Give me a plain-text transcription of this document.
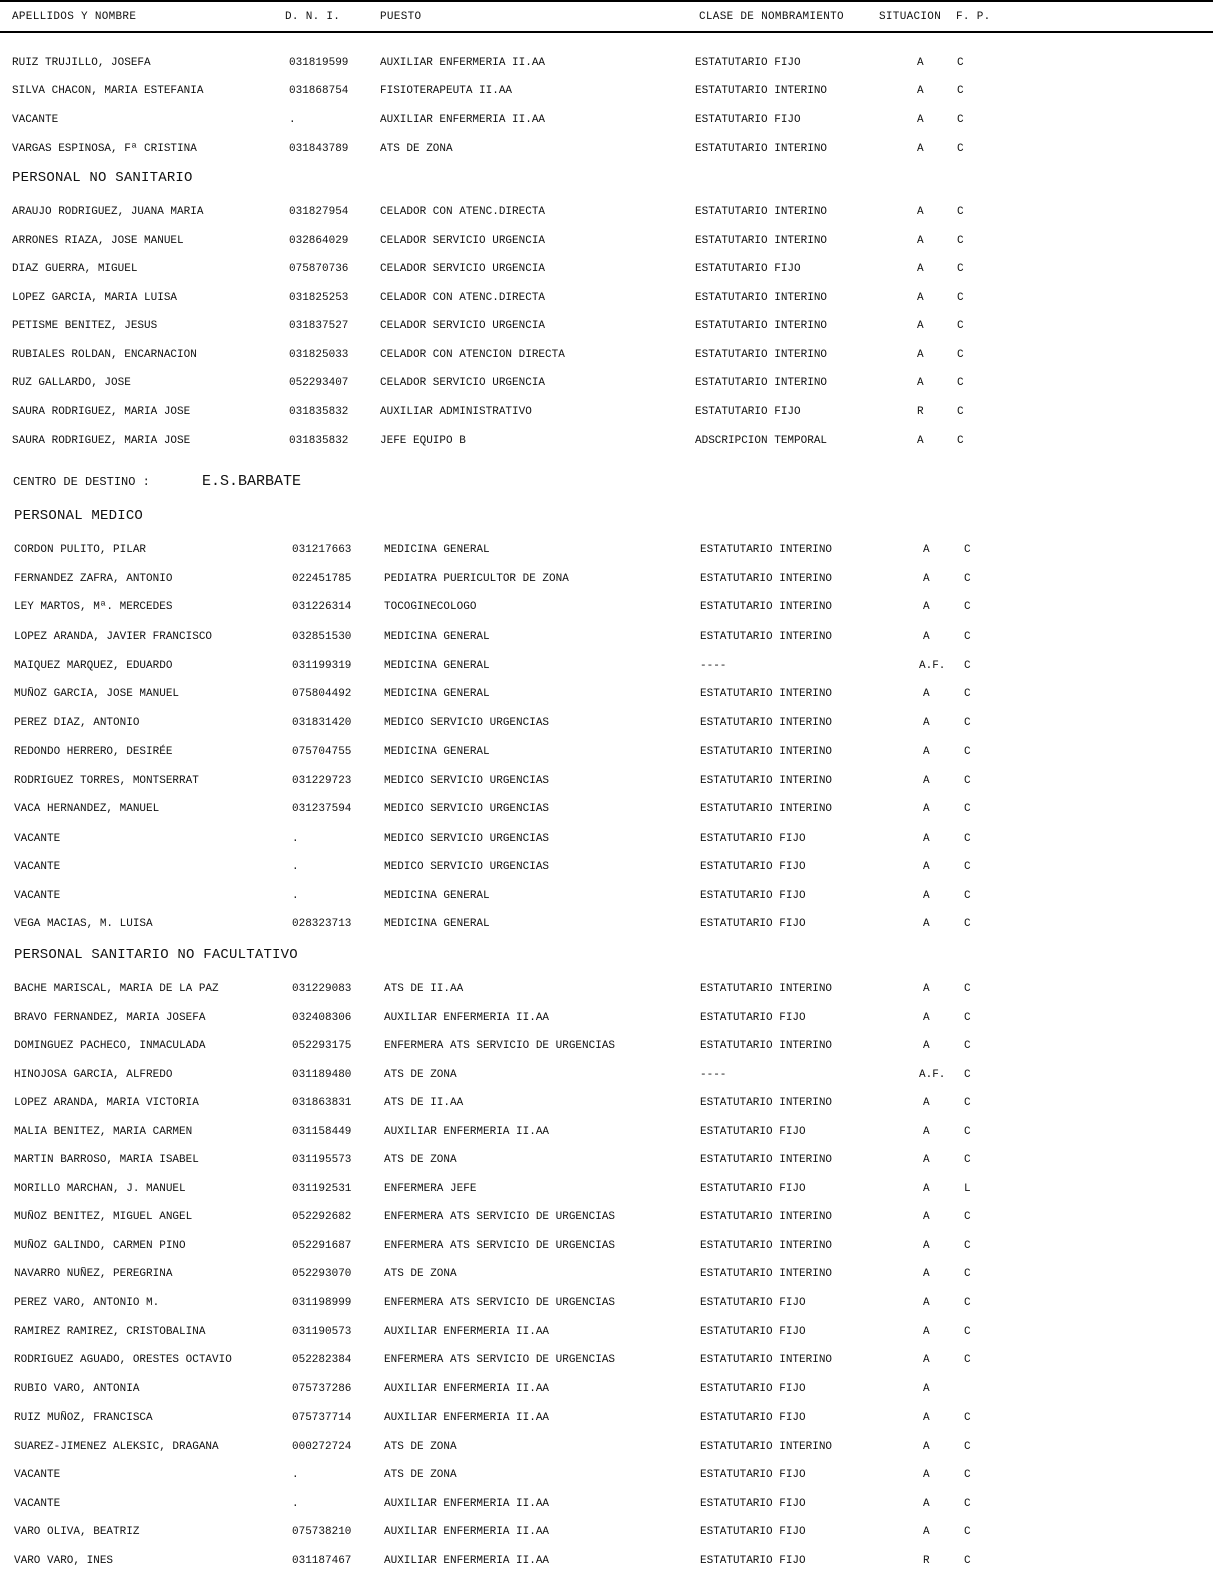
APELLIDOS Y NOMBRE	D. N. I.	PUESTO	CLASE DE NOMBRAMIENTO	SITUACION F. P.
PERSONAL NO SANITARIO
CENTRO DE DESTINO :	E.S.BARBATE
PERSONAL MEDICO
PERSONAL SANITARIO NO FACULTATIVO
RUIZ TRUJILLO, JOSEFA	031819599	AUXILIAR ENFERMERIA II.AA	ESTATUTARIO FIJO	A	C
SILVA CHACON, MARIA ESTEFANIA	031868754	FISIOTERAPEUTA II.AA	ESTATUTARIO INTERINO	A	C
VACANTE	.	AUXILIAR ENFERMERIA II.AA	ESTATUTARIO FIJO	A	C
VARGAS ESPINOSA, Fª CRISTINA	031843789	ATS DE ZONA	ESTATUTARIO INTERINO	A	C
ARAUJO RODRIGUEZ, JUANA MARIA	031827954	CELADOR CON ATENC.DIRECTA	ESTATUTARIO INTERINO	A	C
ARRONES RIAZA, JOSE MANUEL	032864029	CELADOR SERVICIO URGENCIA	ESTATUTARIO INTERINO	A	C
DIAZ GUERRA, MIGUEL	075870736	CELADOR SERVICIO URGENCIA	ESTATUTARIO FIJO	A	C
LOPEZ GARCIA, MARIA LUISA	031825253	CELADOR CON ATENC.DIRECTA	ESTATUTARIO INTERINO	A	C
PETISME BENITEZ, JESUS	031837527	CELADOR SERVICIO URGENCIA	ESTATUTARIO INTERINO	A	C
RUBIALES ROLDAN, ENCARNACION	031825033	CELADOR CON ATENCION DIRECTA	ESTATUTARIO INTERINO	A	C
RUZ GALLARDO, JOSE	052293407	CELADOR SERVICIO URGENCIA	ESTATUTARIO INTERINO	A	C
SAURA RODRIGUEZ, MARIA JOSE	031835832	AUXILIAR ADMINISTRATIVO	ESTATUTARIO FIJO	R	C
SAURA RODRIGUEZ, MARIA JOSE	031835832	JEFE EQUIPO B	ADSCRIPCION TEMPORAL	A	C
CORDON PULITO, PILAR	031217663	MEDICINA GENERAL	ESTATUTARIO INTERINO	A	C
FERNANDEZ ZAFRA, ANTONIO	022451785	PEDIATRA PUERICULTOR DE ZONA	ESTATUTARIO INTERINO	A	C
LEY MARTOS, Mª. MERCEDES	031226314	TOCOGINECOLOGO	ESTATUTARIO INTERINO	A	C
LOPEZ ARANDA, JAVIER FRANCISCO	032851530	MEDICINA GENERAL	ESTATUTARIO INTERINO	A	C
MAIQUEZ MARQUEZ, EDUARDO	031199319	MEDICINA GENERAL	----	A.F. C
MUÑOZ GARCIA, JOSE MANUEL	075804492	MEDICINA GENERAL	ESTATUTARIO INTERINO	A	C
PEREZ DIAZ, ANTONIO	031831420	MEDICO SERVICIO URGENCIAS	ESTATUTARIO INTERINO	A	C
REDONDO HERRERO, DESIRÉE	075704755	MEDICINA GENERAL	ESTATUTARIO INTERINO	A	C
RODRIGUEZ TORRES, MONTSERRAT	031229723	MEDICO SERVICIO URGENCIAS	ESTATUTARIO INTERINO	A	C
VACA HERNANDEZ, MANUEL	031237594	MEDICO SERVICIO URGENCIAS	ESTATUTARIO INTERINO	A	C
VACANTE	.	MEDICO SERVICIO URGENCIAS	ESTATUTARIO FIJO	A	C
VACANTE	.	MEDICO SERVICIO URGENCIAS	ESTATUTARIO FIJO	A	C
VACANTE	.	MEDICINA GENERAL	ESTATUTARIO FIJO	A	C
VEGA MACIAS, M. LUISA	028323713	MEDICINA GENERAL	ESTATUTARIO FIJO	A	C
BACHE MARISCAL, MARIA DE LA PAZ	031229083	ATS DE II.AA	ESTATUTARIO INTERINO	A	C
BRAVO FERNANDEZ, MARIA JOSEFA	032408306	AUXILIAR ENFERMERIA II.AA	ESTATUTARIO FIJO	A	C
DOMINGUEZ PACHECO, INMACULADA	052293175	ENFERMERA ATS SERVICIO DE URGENCIAS	ESTATUTARIO INTERINO	A	C
HINOJOSA GARCIA, ALFREDO	031189480	ATS DE ZONA	----	A.F. C
LOPEZ ARANDA, MARIA VICTORIA	031863831	ATS DE II.AA	ESTATUTARIO INTERINO	A	C
MALIA BENITEZ, MARIA CARMEN	031158449	AUXILIAR ENFERMERIA II.AA	ESTATUTARIO FIJO	A	C
MARTIN BARROSO, MARIA ISABEL	031195573	ATS DE ZONA	ESTATUTARIO INTERINO	A	C
MORILLO MARCHAN, J. MANUEL	031192531	ENFERMERA JEFE	ESTATUTARIO FIJO	A	L
MUÑOZ BENITEZ, MIGUEL ANGEL	052292682	ENFERMERA ATS SERVICIO DE URGENCIAS	ESTATUTARIO INTERINO	A	C
MUÑOZ GALINDO, CARMEN PINO	052291687	ENFERMERA ATS SERVICIO DE URGENCIAS	ESTATUTARIO INTERINO	A	C
NAVARRO NUÑEZ, PEREGRINA	052293070	ATS DE ZONA	ESTATUTARIO INTERINO	A	C
PEREZ VARO, ANTONIO M.	031198999	ENFERMERA ATS SERVICIO DE URGENCIAS	ESTATUTARIO FIJO	A	C
RAMIREZ RAMIREZ, CRISTOBALINA	031190573	AUXILIAR ENFERMERIA II.AA	ESTATUTARIO FIJO	A	C
RODRIGUEZ AGUADO, ORESTES OCTAVIO	052282384	ENFERMERA ATS SERVICIO DE URGENCIAS	ESTATUTARIO INTERINO	A	C
RUBIO VARO, ANTONIA	075737286	AUXILIAR ENFERMERIA II.AA	ESTATUTARIO FIJO	A
RUIZ MUÑOZ, FRANCISCA	075737714	AUXILIAR ENFERMERIA II.AA	ESTATUTARIO FIJO	A	C
SUAREZ-JIMENEZ ALEKSIC, DRAGANA	000272724	ATS DE ZONA	ESTATUTARIO INTERINO	A	C
VACANTE	.	ATS DE ZONA	ESTATUTARIO FIJO	A	C
VACANTE	.	AUXILIAR ENFERMERIA II.AA	ESTATUTARIO FIJO	A	C
VARO OLIVA, BEATRIZ	075738210	AUXILIAR ENFERMERIA II.AA	ESTATUTARIO FIJO	A	C
VARO VARO, INES	031187467	AUXILIAR ENFERMERIA II.AA	ESTATUTARIO FIJO	R	C
